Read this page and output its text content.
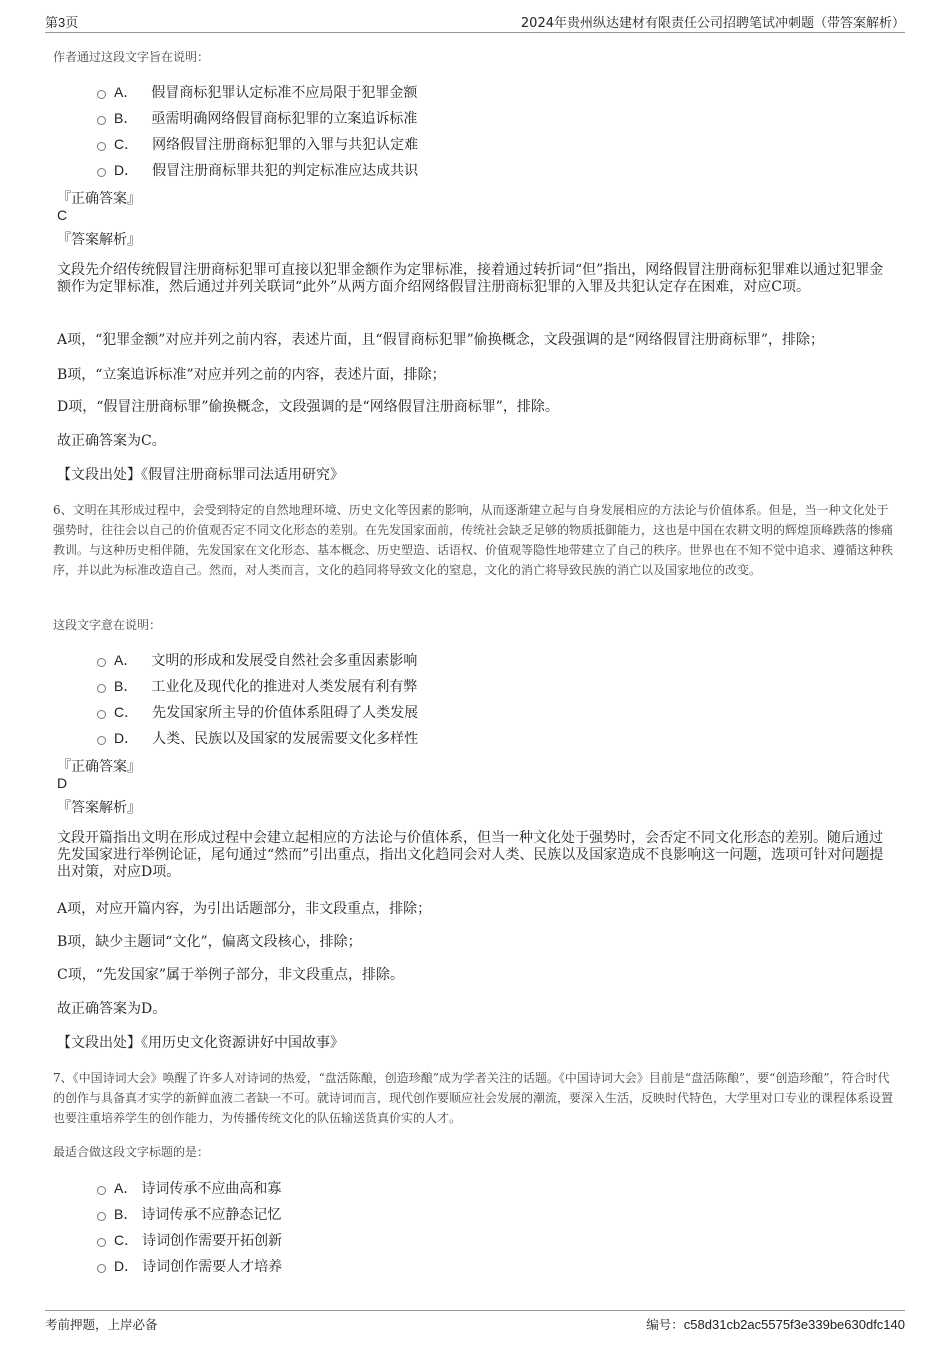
第3页	2024年贵州纵达建材有限责任公司招聘笔试冲刺题（带答案解析）
作者通过这段文字旨在说明：
A． 假冒商标犯罪认定标准不应局限于犯罪金额
B． 亟需明确网络假冒商标犯罪的立案追诉标准
C． 网络假冒注册商标犯罪的入罪与共犯认定难
D． 假冒注册商标罪共犯的判定标准应达成共识
『正确答案』
C
『答案解析』
文段先介绍传统假冒注册商标犯罪可直接以犯罪金额作为定罪标准，接着通过转折词“但”指出，网络假冒注册商标犯罪难以通过犯罪金额作为定罪标准，然后通过并列关联词“此外”从两方面介绍网络假冒注册商标犯罪的入罪及共犯认定存在困难，对应C项。
A项，“犯罪金额”对应并列之前内容，表述片面，且“假冒商标犯罪”偷换概念，文段强调的是“网络假冒注册商标罪”，排除；
B项，“立案追诉标准”对应并列之前的内容，表述片面，排除；
D项，“假冒注册商标罪”偷换概念，文段强调的是“网络假冒注册商标罪”，排除。
故正确答案为C。
【文段出处】《假冒注册商标罪司法适用研究》
6、文明在其形成过程中，会受到特定的自然地理环境、历史文化等因素的影响，从而逐渐建立起与自身发展相应的方法论与价值体系。但是，当一种文化处于强势时，往往会以自己的价值观否定不同文化形态的差别。在先发国家面前，传统社会缺乏足够的物质抵御能力，这也是中国在农耕文明的辉煌顶峰跌落的惨痛教训。与这种历史相伴随，先发国家在文化形态、基本概念、历史塑造、话语权、价值观等隐性地带建立了自己的秩序。世界也在不知不觉中追求、遵循这种秩序，并以此为标准改造自己。然而，对人类而言，文化的趋同将导致文化的窒息，文化的消亡将导致民族的消亡以及国家地位的改变。
这段文字意在说明：
A． 文明的形成和发展受自然社会多重因素影响
B． 工业化及现代化的推进对人类发展有利有弊
C． 先发国家所主导的价值体系阻碍了人类发展
D． 人类、民族以及国家的发展需要文化多样性
『正确答案』
D
『答案解析』
文段开篇指出文明在形成过程中会建立起相应的方法论与价值体系，但当一种文化处于强势时，会否定不同文化形态的差别。随后通过先发国家进行举例论证，尾句通过“然而”引出重点，指出文化趋同会对人类、民族以及国家造成不良影响这一问题，选项可针对问题提出对策，对应D项。
A项，对应开篇内容，为引出话题部分，非文段重点，排除；
B项，缺少主题词“文化”，偏离文段核心，排除；
C项，“先发国家”属于举例子部分，非文段重点，排除。
故正确答案为D。
【文段出处】《用历史文化资源讲好中国故事》
7、《中国诗词大会》唤醒了许多人对诗词的热爱，“盘活陈酿，创造珍酿”成为学者关注的话题。《中国诗词大会》目前是“盘活陈酿”，要“创造珍酿”，符合时代的创作与具备真才实学的新鲜血液二者缺一不可。就诗词而言，现代创作要顺应社会发展的潮流，要深入生活，反映时代特色，大学里对口专业的课程体系设置也要注重培养学生的创作能力，为传播传统文化的队伍输送货真价实的人才。
最适合做这段文字标题的是：
A． 诗词传承不应曲高和寡
B． 诗词传承不应静态记忆
C． 诗词创作需要开拓创新
D． 诗词创作需要人才培养
考前押题，上岸必备	编号：c58d31cb2ac5575f3e339be630dfc140
